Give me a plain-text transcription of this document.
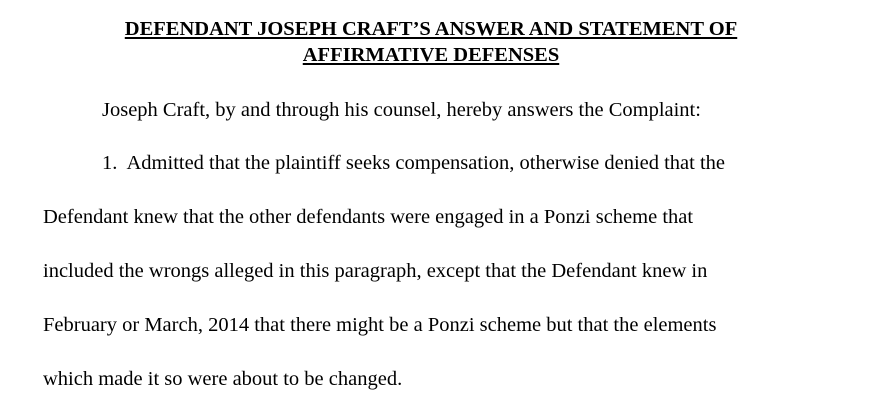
DEFENDANT JOSEPH CRAFT’S ANSWER AND STATEMENT OF
AFFIRMATIVE DEFENSES
Joseph Craft, by and through his counsel, hereby answers the Complaint:
1.  Admitted that the plaintiff seeks compensation, otherwise denied that the
Defendant knew that the other defendants were engaged in a Ponzi scheme that
included the wrongs alleged in this paragraph, except that the Defendant knew in
February or March, 2014 that there might be a Ponzi scheme but that the elements
which made it so were about to be changed.
